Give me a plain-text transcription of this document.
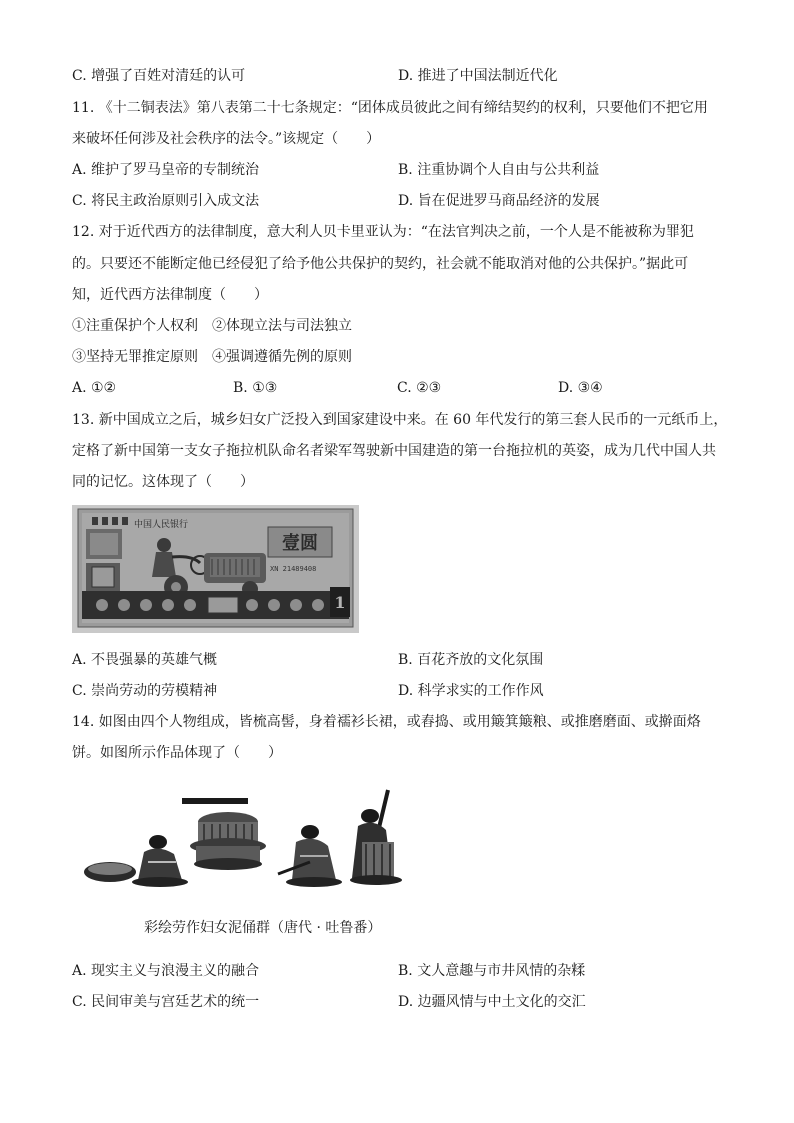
C. 增强了百姓对清廷的认可	D. 推进了中国法制近代化
11. 《十二铜表法》第八表第二十七条规定：“团体成员彼此之间有缔结契约的权利，只要他们不把它用
来破坏任何涉及社会秩序的法令。”该规定（　　）
A. 维护了罗马皇帝的专制统治	B. 注重协调个人自由与公共利益
C. 将民主政治原则引入成文法	D. 旨在促进罗马商品经济的发展
12. 对于近代西方的法律制度，意大利人贝卡里亚认为：“在法官判决之前，一个人是不能被称为罪犯
的。只要还不能断定他已经侵犯了给予他公共保护的契约，社会就不能取消对他的公共保护。”据此可
知，近代西方法律制度（　　）
①注重保护个人权利　②体现立法与司法独立
③坚持无罪推定原则　④强调遵循先例的原则
A. ①②	B. ①③	C. ②③	D. ③④
13. 新中国成立之后，城乡妇女广泛投入到国家建设中来。在 60 年代发行的第三套人民币的一元纸币上，
定格了新中国第一支女子拖拉机队命名者梁军驾驶新中国建造的第一台拖拉机的英姿，成为几代中国人共
同的记忆。这体现了（　　）
中国人民银行
壹圆
XN 21489408
1
A. 不畏强暴的英雄气概	B. 百花齐放的文化氛围
C. 崇尚劳动的劳模精神	D. 科学求实的工作作风
14. 如图由四个人物组成，皆梳高髻，身着襦衫长裙，或舂捣、或用簸箕簸粮、或推磨磨面、或擀面烙
饼。如图所示作品体现了（　　）
彩绘劳作妇女泥俑群（唐代 · 吐鲁番）
A. 现实主义与浪漫主义的融合	B. 文人意趣与市井风情的杂糅
C. 民间审美与宫廷艺术的统一	D. 边疆风情与中土文化的交汇
